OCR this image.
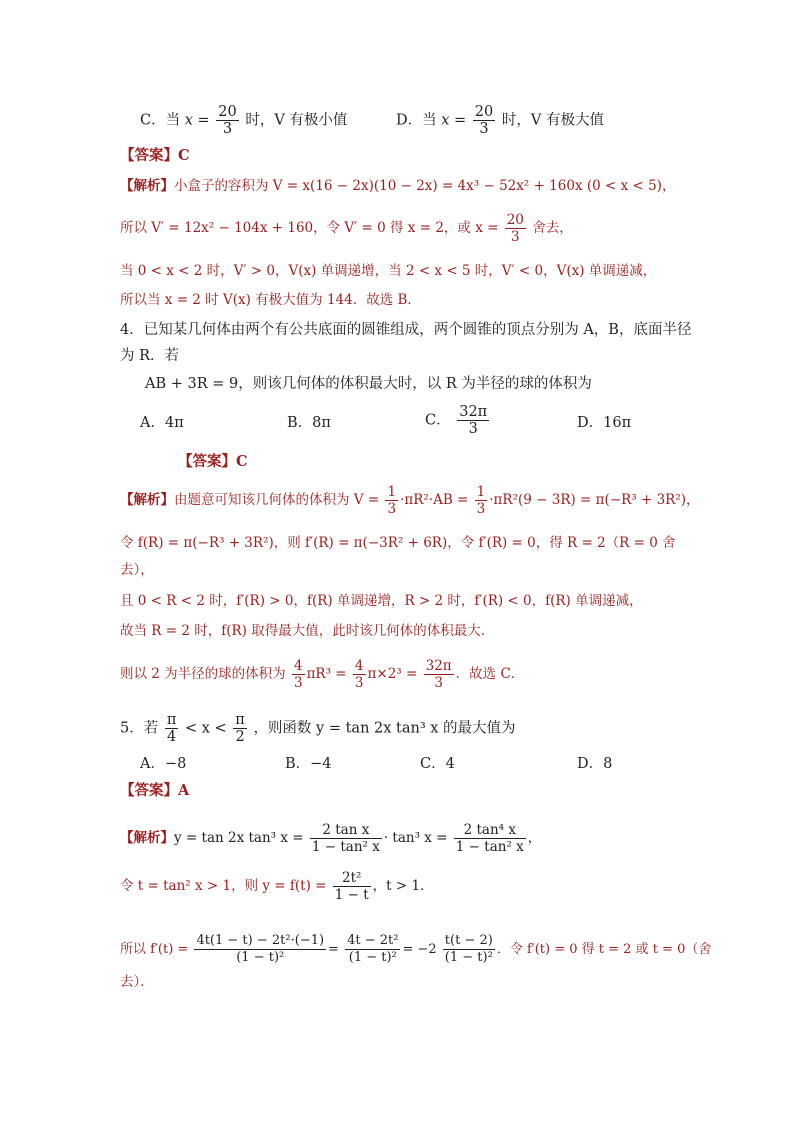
C．当 $x = \frac{20}{3}$ 时，V 有极小值	D．当 $x = \frac{20}{3}$ 时，V 有极大值
【答案】C
【解析】小盒子的容积为 V = x(16 − 2x)(10 − 2x) = 4x³ − 52x² + 160x (0 < x < 5)，
所以 V′ = 12x² − 104x + 160，令 V′ = 0 得 x = 2，或 $x = \frac{20}{3}$ 舍去，
当 0 < x < 2 时，V′ > 0，V(x) 单调递增，当 2 < x < 5 时，V′ < 0，V(x) 单调递减，
所以当 x = 2 时 V(x) 有极大值为 144．故选 B．
4．已知某几何体由两个有公共底面的圆锥组成，两个圆锥的顶点分别为 A，B，底面半径
为 R．若
AB + 3R = 9，则该几何体的体积最大时，以 R 为半径的球的体积为
A．4π	B．8π	C． $\frac{32\pi}{3}$	D．16π
【答案】C
【解析】由题意可知该几何体的体积为 $V = \frac{1}{3} \cdot\pi R^2\cdot AB = \frac{1}{3} \cdot\pi R^2(9 - 3R) = \pi(-R^3 + 3R^2)$，
令 f(R) = π(−R³ + 3R²)，则 f′(R) = π(−3R² + 6R)，令 f′(R) = 0，得 R = 2（R = 0 舍
去），
且 0 < R < 2 时，f′(R) > 0，f(R) 单调递增，R > 2 时，f′(R) < 0，f(R) 单调递减，
故当 R = 2 时，f(R) 取得最大值，此时该几何体的体积最大．
则以 2 为半径的球的体积为 $\frac{4}{3} \pi R^3 = \frac{4}{3} \pi\times 2^3 = \frac{32\pi}{3}$ ．故选 C．
5．若 $\frac{\pi}{4} < x < \frac{\pi}{2}$ ，则函数 y = tan 2x tan³ x 的最大值为
A．−8	B．−4	C．4	D．8
【答案】A
【解析】y = tan 2x tan³ $x = \frac{\text{2 tan x}}{\text{1 − tan² x}} \cdot \tan^3$ $x = \frac{\text{2 tan⁴ x}}{\text{1 − tan² x}}$ ，
令 t = tan² x > 1，则 $y = f(t) = \frac{\text{2t²}}{1 - t}$ ，t > 1．
所以 $f'(t) = \frac{\text{4t(1 − t) − 2t²·(−1)}}{\text{(1 − t)²}} = \frac{\text{4t − 2t²}}{\text{(1 − t)²}} = -2 \frac{t(t - 2)}{\text{(1 − t)²}}$ ．令 f′(t) = 0 得 t = 2 或 t = 0（舍
去）．
